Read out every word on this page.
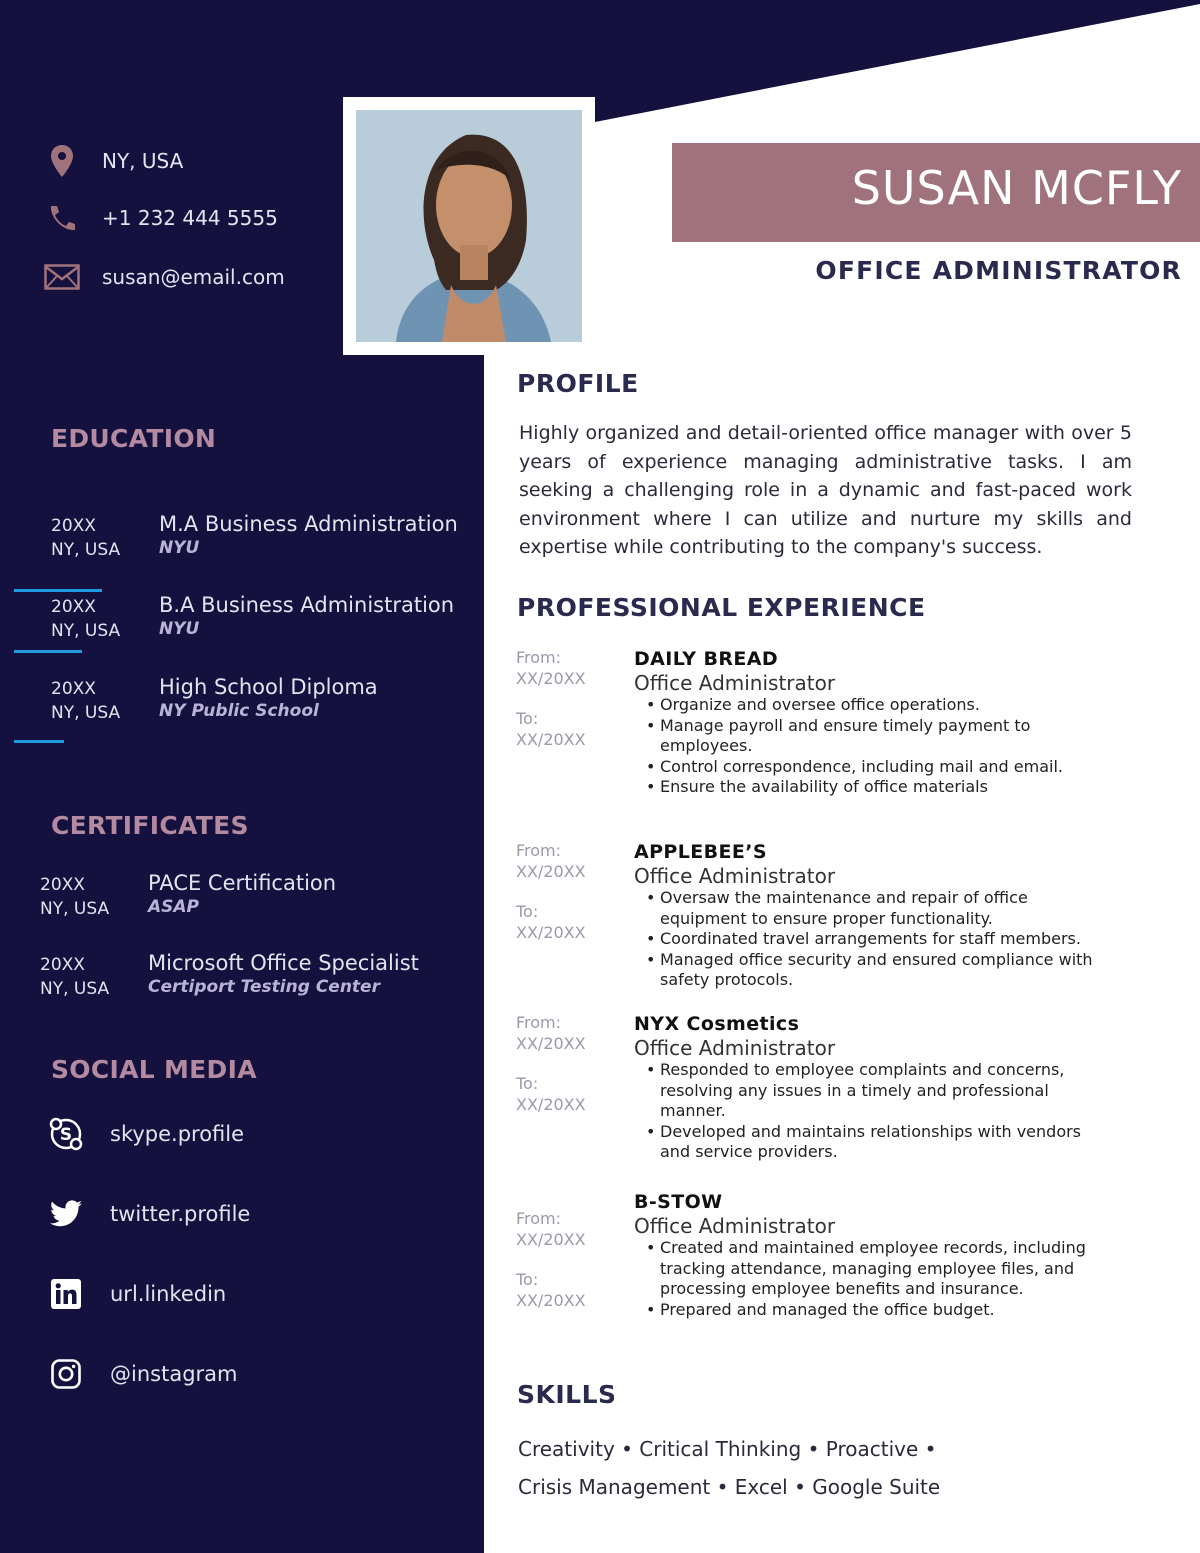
NY, USA
+1 232 444 5555
susan@email.com
EDUCATION
20XX
NY, USA
M.A Business Administration
NYU
20XX
NY, USA
B.A Business Administration
NYU
20XX
NY, USA
High School Diploma
NY Public School
CERTIFICATES
20XX
NY, USA
PACE Certification
ASAP
20XX
NY, USA
Microsoft Office Specialist
Certiport Testing Center
SOCIAL MEDIA
S skype.profile
twitter.profile
url.linkedin
@instagram
SUSAN MCFLY
OFFICE ADMINISTRATOR
PROFILE
Highly organized and detail-oriented office manager with over 5 years of experience managing administrative tasks. I am seeking a challenging role in a dynamic and fast-paced work environment where I can utilize and nurture my skills and expertise while contributing to the company's success.
PROFESSIONAL EXPERIENCE
From:
XX/20XX
To:
XX/20XX
DAILY BREAD
Office Administrator
• Organize and oversee office operations.
• Manage payroll and ensure timely payment to employees.
• Control correspondence, including mail and email.
• Ensure the availability of office materials
From:
XX/20XX
To:
XX/20XX
APPLEBEE’S
Office Administrator
• Oversaw the maintenance and repair of office equipment to ensure proper functionality.
• Coordinated travel arrangements for staff members.
• Managed office security and ensured compliance with safety protocols.
From:
XX/20XX
To:
XX/20XX
NYX Cosmetics
Office Administrator
• Responded to employee complaints and concerns, resolving any issues in a timely and professional manner.
• Developed and maintains relationships with vendors and service providers.
From:
XX/20XX
To:
XX/20XX
B-STOW
Office Administrator
• Created and maintained employee records, including tracking attendance, managing employee files, and processing employee benefits and insurance.
• Prepared and managed the office budget.
SKILLS
Creativity • Critical Thinking • Proactive • Crisis Management • Excel • Google Suite
